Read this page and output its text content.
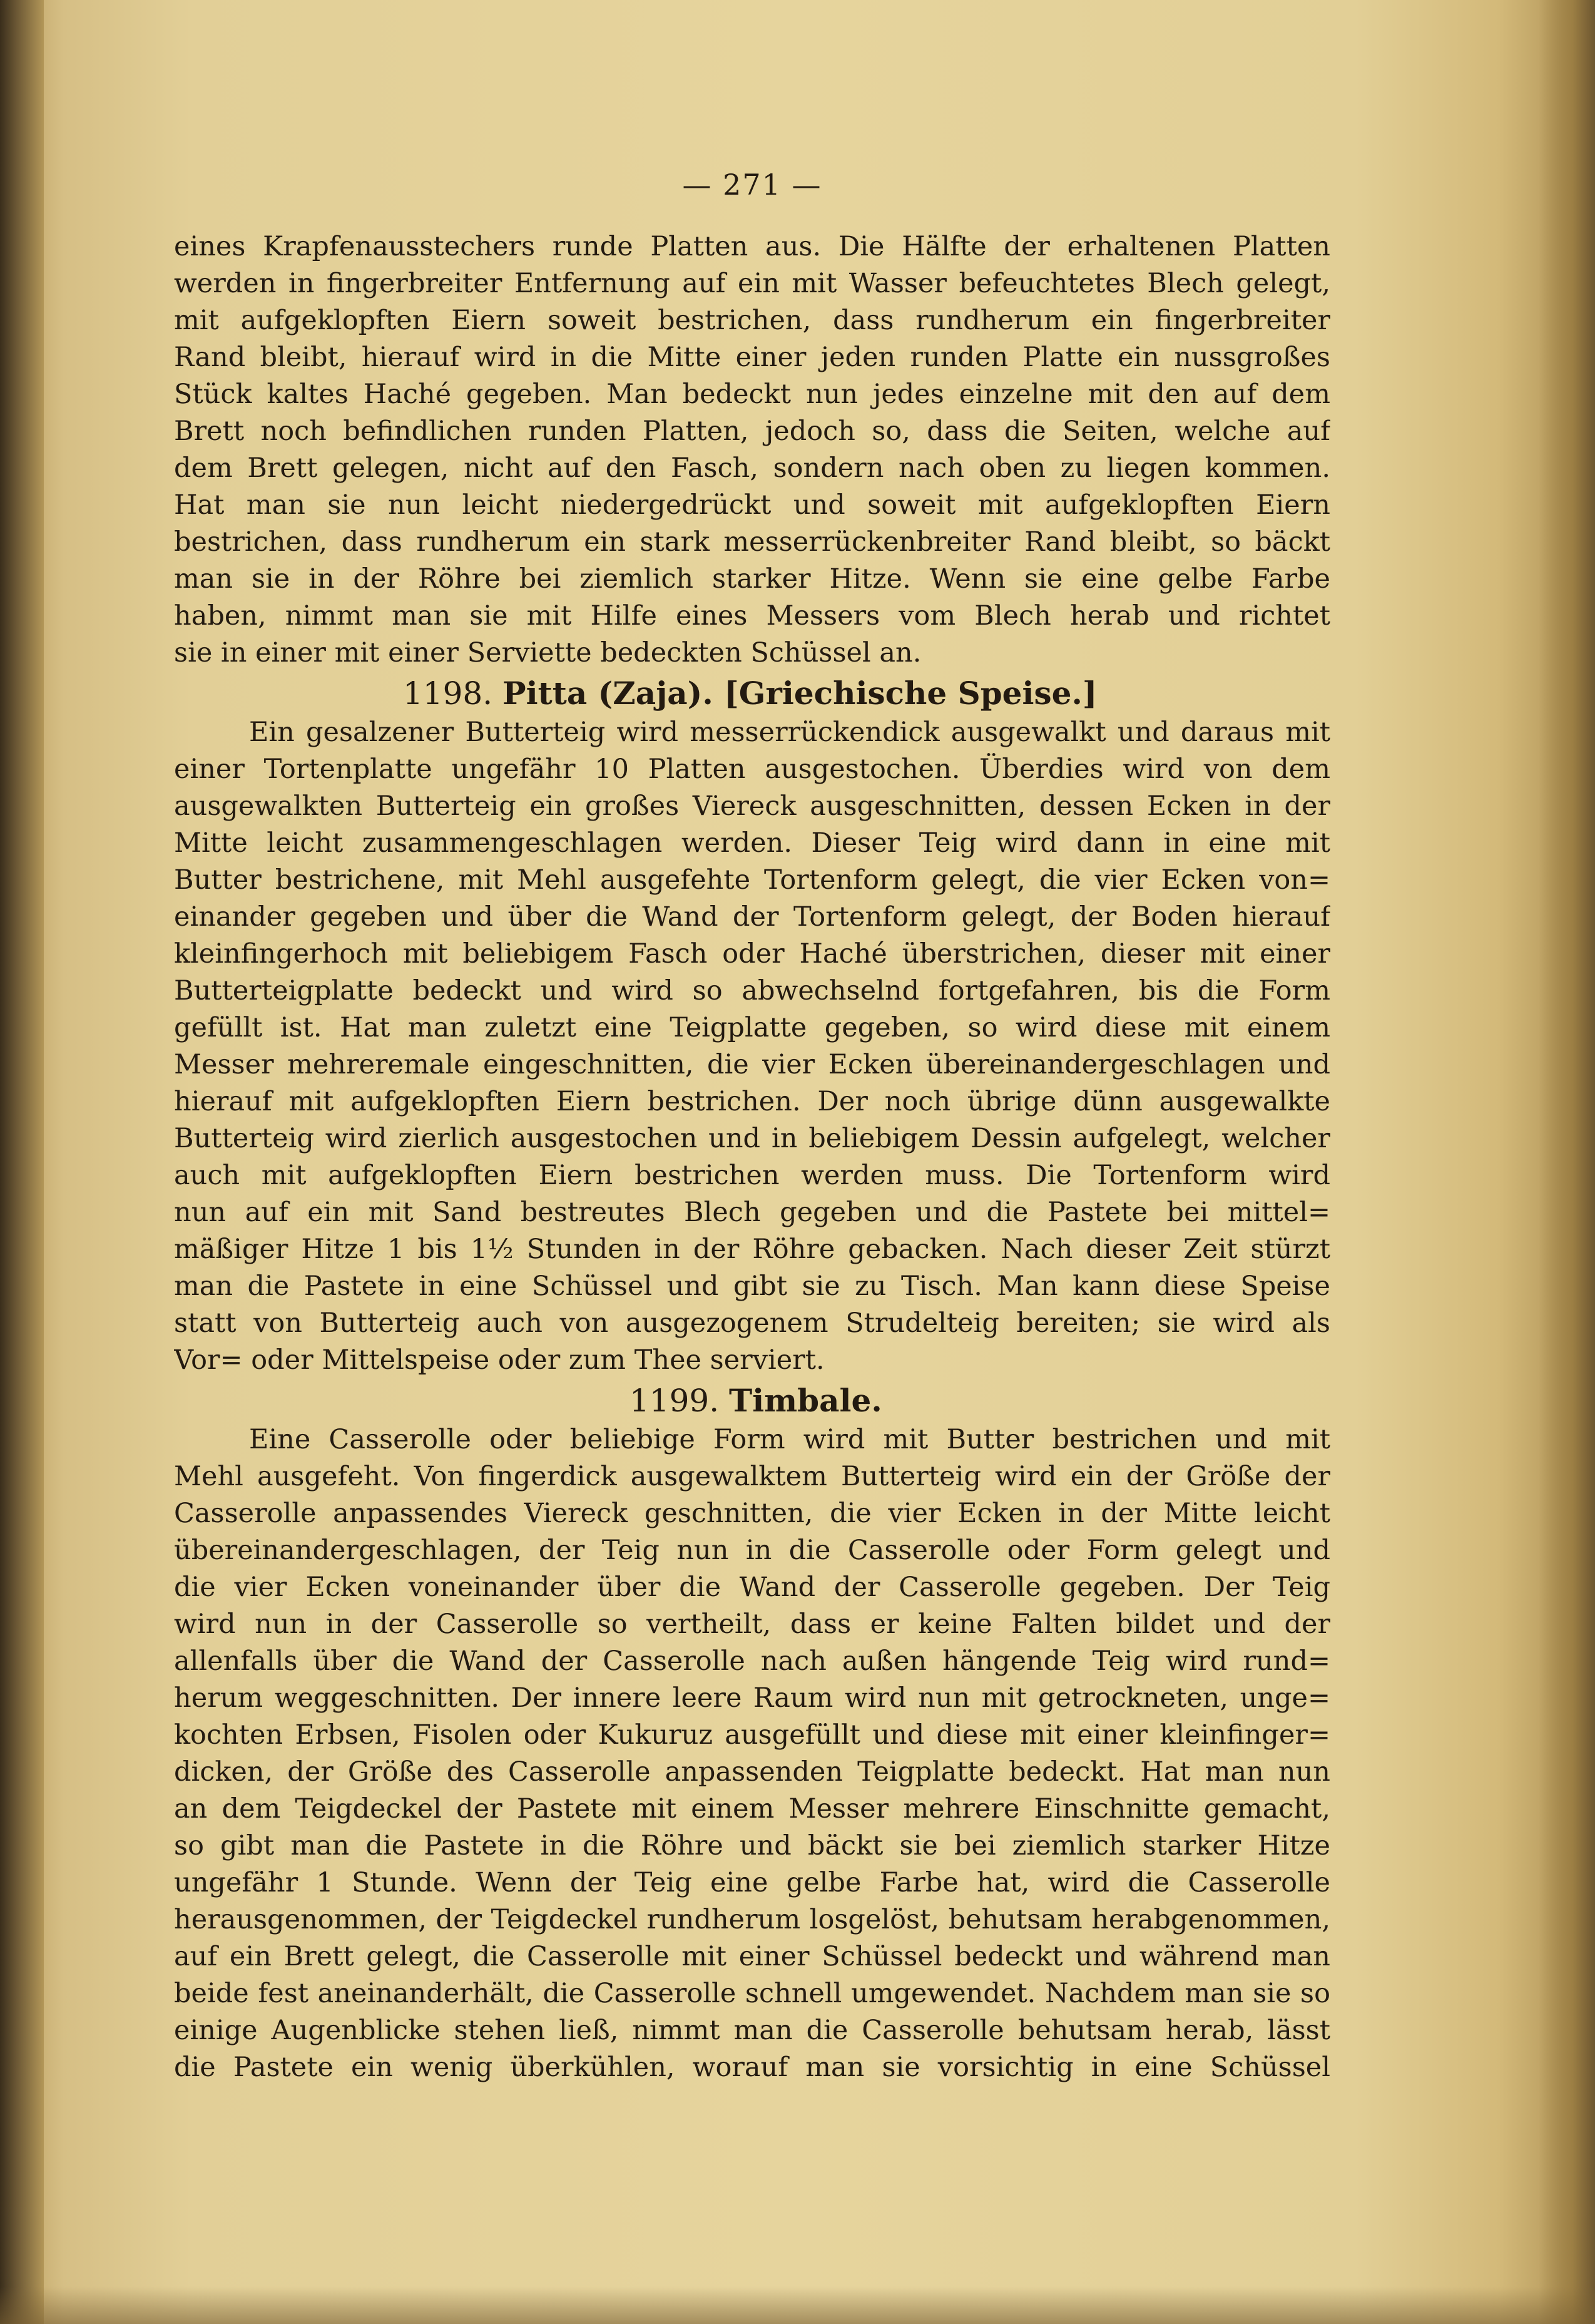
— 271 —
eines Krapfenausstechers runde Platten aus. Die Hälfte der erhaltenen Platten
werden in fingerbreiter Entfernung auf ein mit Wasser befeuchtetes Blech gelegt,
mit aufgeklopften Eiern soweit bestrichen, dass rundherum ein fingerbreiter
Rand bleibt, hierauf wird in die Mitte einer jeden runden Platte ein nussgroßes
Stück kaltes Haché gegeben. Man bedeckt nun jedes einzelne mit den auf dem
Brett noch befindlichen runden Platten, jedoch so, dass die Seiten, welche auf
dem Brett gelegen, nicht auf den Fasch, sondern nach oben zu liegen kommen.
Hat man sie nun leicht niedergedrückt und soweit mit aufgeklopften Eiern
bestrichen, dass rundherum ein stark messerrückenbreiter Rand bleibt, so bäckt
man sie in der Röhre bei ziemlich starker Hitze. Wenn sie eine gelbe Farbe
haben, nimmt man sie mit Hilfe eines Messers vom Blech herab und richtet
sie in einer mit einer Serviette bedeckten Schüssel an.
1198. Pitta (Zaja). [Griechische Speise.]
Ein gesalzener Butterteig wird messerrückendick ausgewalkt und daraus mit
einer Tortenplatte ungefähr 10 Platten ausgestochen. Überdies wird von dem
ausgewalkten Butterteig ein großes Viereck ausgeschnitten, dessen Ecken in der
Mitte leicht zusammengeschlagen werden. Dieser Teig wird dann in eine mit
Butter bestrichene, mit Mehl ausgefehte Tortenform gelegt, die vier Ecken von=
einander gegeben und über die Wand der Tortenform gelegt, der Boden hierauf
kleinfingerhoch mit beliebigem Fasch oder Haché überstrichen, dieser mit einer
Butterteigplatte bedeckt und wird so abwechselnd fortgefahren, bis die Form
gefüllt ist. Hat man zuletzt eine Teigplatte gegeben, so wird diese mit einem
Messer mehreremale eingeschnitten, die vier Ecken übereinandergeschlagen und
hierauf mit aufgeklopften Eiern bestrichen. Der noch übrige dünn ausgewalkte
Butterteig wird zierlich ausgestochen und in beliebigem Dessin aufgelegt, welcher
auch mit aufgeklopften Eiern bestrichen werden muss. Die Tortenform wird
nun auf ein mit Sand bestreutes Blech gegeben und die Pastete bei mittel=
mäßiger Hitze 1 bis 1½ Stunden in der Röhre gebacken. Nach dieser Zeit stürzt
man die Pastete in eine Schüssel und gibt sie zu Tisch. Man kann diese Speise
statt von Butterteig auch von ausgezogenem Strudelteig bereiten; sie wird als
Vor= oder Mittelspeise oder zum Thee serviert.
1199. Timbale.
Eine Casserolle oder beliebige Form wird mit Butter bestrichen und mit
Mehl ausgefeht. Von fingerdick ausgewalktem Butterteig wird ein der Größe der
Casserolle anpassendes Viereck geschnitten, die vier Ecken in der Mitte leicht
übereinandergeschlagen, der Teig nun in die Casserolle oder Form gelegt und
die vier Ecken voneinander über die Wand der Casserolle gegeben. Der Teig
wird nun in der Casserolle so vertheilt, dass er keine Falten bildet und der
allenfalls über die Wand der Casserolle nach außen hängende Teig wird rund=
herum weggeschnitten. Der innere leere Raum wird nun mit getrockneten, unge=
kochten Erbsen, Fisolen oder Kukuruz ausgefüllt und diese mit einer kleinfinger=
dicken, der Größe des Casserolle anpassenden Teigplatte bedeckt. Hat man nun
an dem Teigdeckel der Pastete mit einem Messer mehrere Einschnitte gemacht,
so gibt man die Pastete in die Röhre und bäckt sie bei ziemlich starker Hitze
ungefähr 1 Stunde. Wenn der Teig eine gelbe Farbe hat, wird die Casserolle
herausgenommen, der Teigdeckel rundherum losgelöst, behutsam herabgenommen,
auf ein Brett gelegt, die Casserolle mit einer Schüssel bedeckt und während man
beide fest aneinanderhält, die Casserolle schnell umgewendet. Nachdem man sie so
einige Augenblicke stehen ließ, nimmt man die Casserolle behutsam herab, lässt
die Pastete ein wenig überkühlen, worauf man sie vorsichtig in eine Schüssel
